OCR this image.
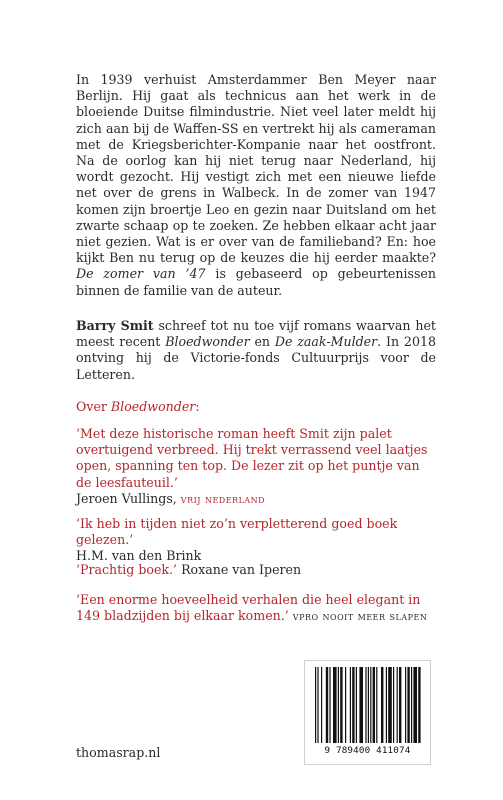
In 1939 verhuist Amsterdammer Ben Meyer naar Berlijn. Hij gaat als technicus aan het werk in de bloeiende Duitse filmindustrie. Niet veel later meldt hij zich aan bij de Waffen-SS en vertrekt hij als cameraman met de Kriegsberichter-Kompanie naar het oostfront. Na de oorlog kan hij niet terug naar Nederland, hij wordt gezocht. Hij vestigt zich met een nieuwe liefde net over de grens in Walbeck. In de zomer van 1947 komen zijn broertje Leo en gezin naar Duitsland om het zwarte schaap op te zoeken. Ze hebben elkaar acht jaar niet gezien. Wat is er over van de familieband? En: hoe kijkt Ben nu terug op de keuzes die hij eerder maakte? De zomer van ’47 is gebaseerd op gebeurtenissen binnen de familie van de auteur.

Barry Smit schreef tot nu toe vijf romans waarvan het meest recent Bloedwonder en De zaak-Mulder. In 2018 ontving hij de Victorie-fonds Cultuurprijs voor de Letteren.

Over Bloedwonder:
‘Met deze historische roman heeft Smit zijn palet overtuigend verbreed. Hij trekt verrassend veel laatjes open, spanning ten top. De lezer zit op het puntje van de leesfauteuil.’
Jeroen Vullings, vrij nederland
‘Ik heb in tijden niet zo’n verpletterend goed boek gelezen.’
H.M. van den Brink
‘Prachtig boek.’ Roxane van Iperen
‘Een enorme hoeveelheid verhalen die heel elegant in 149 bladzijden bij elkaar komen.’ vpro nooit meer slapen
thomasrap.nl	9 789400 411074
